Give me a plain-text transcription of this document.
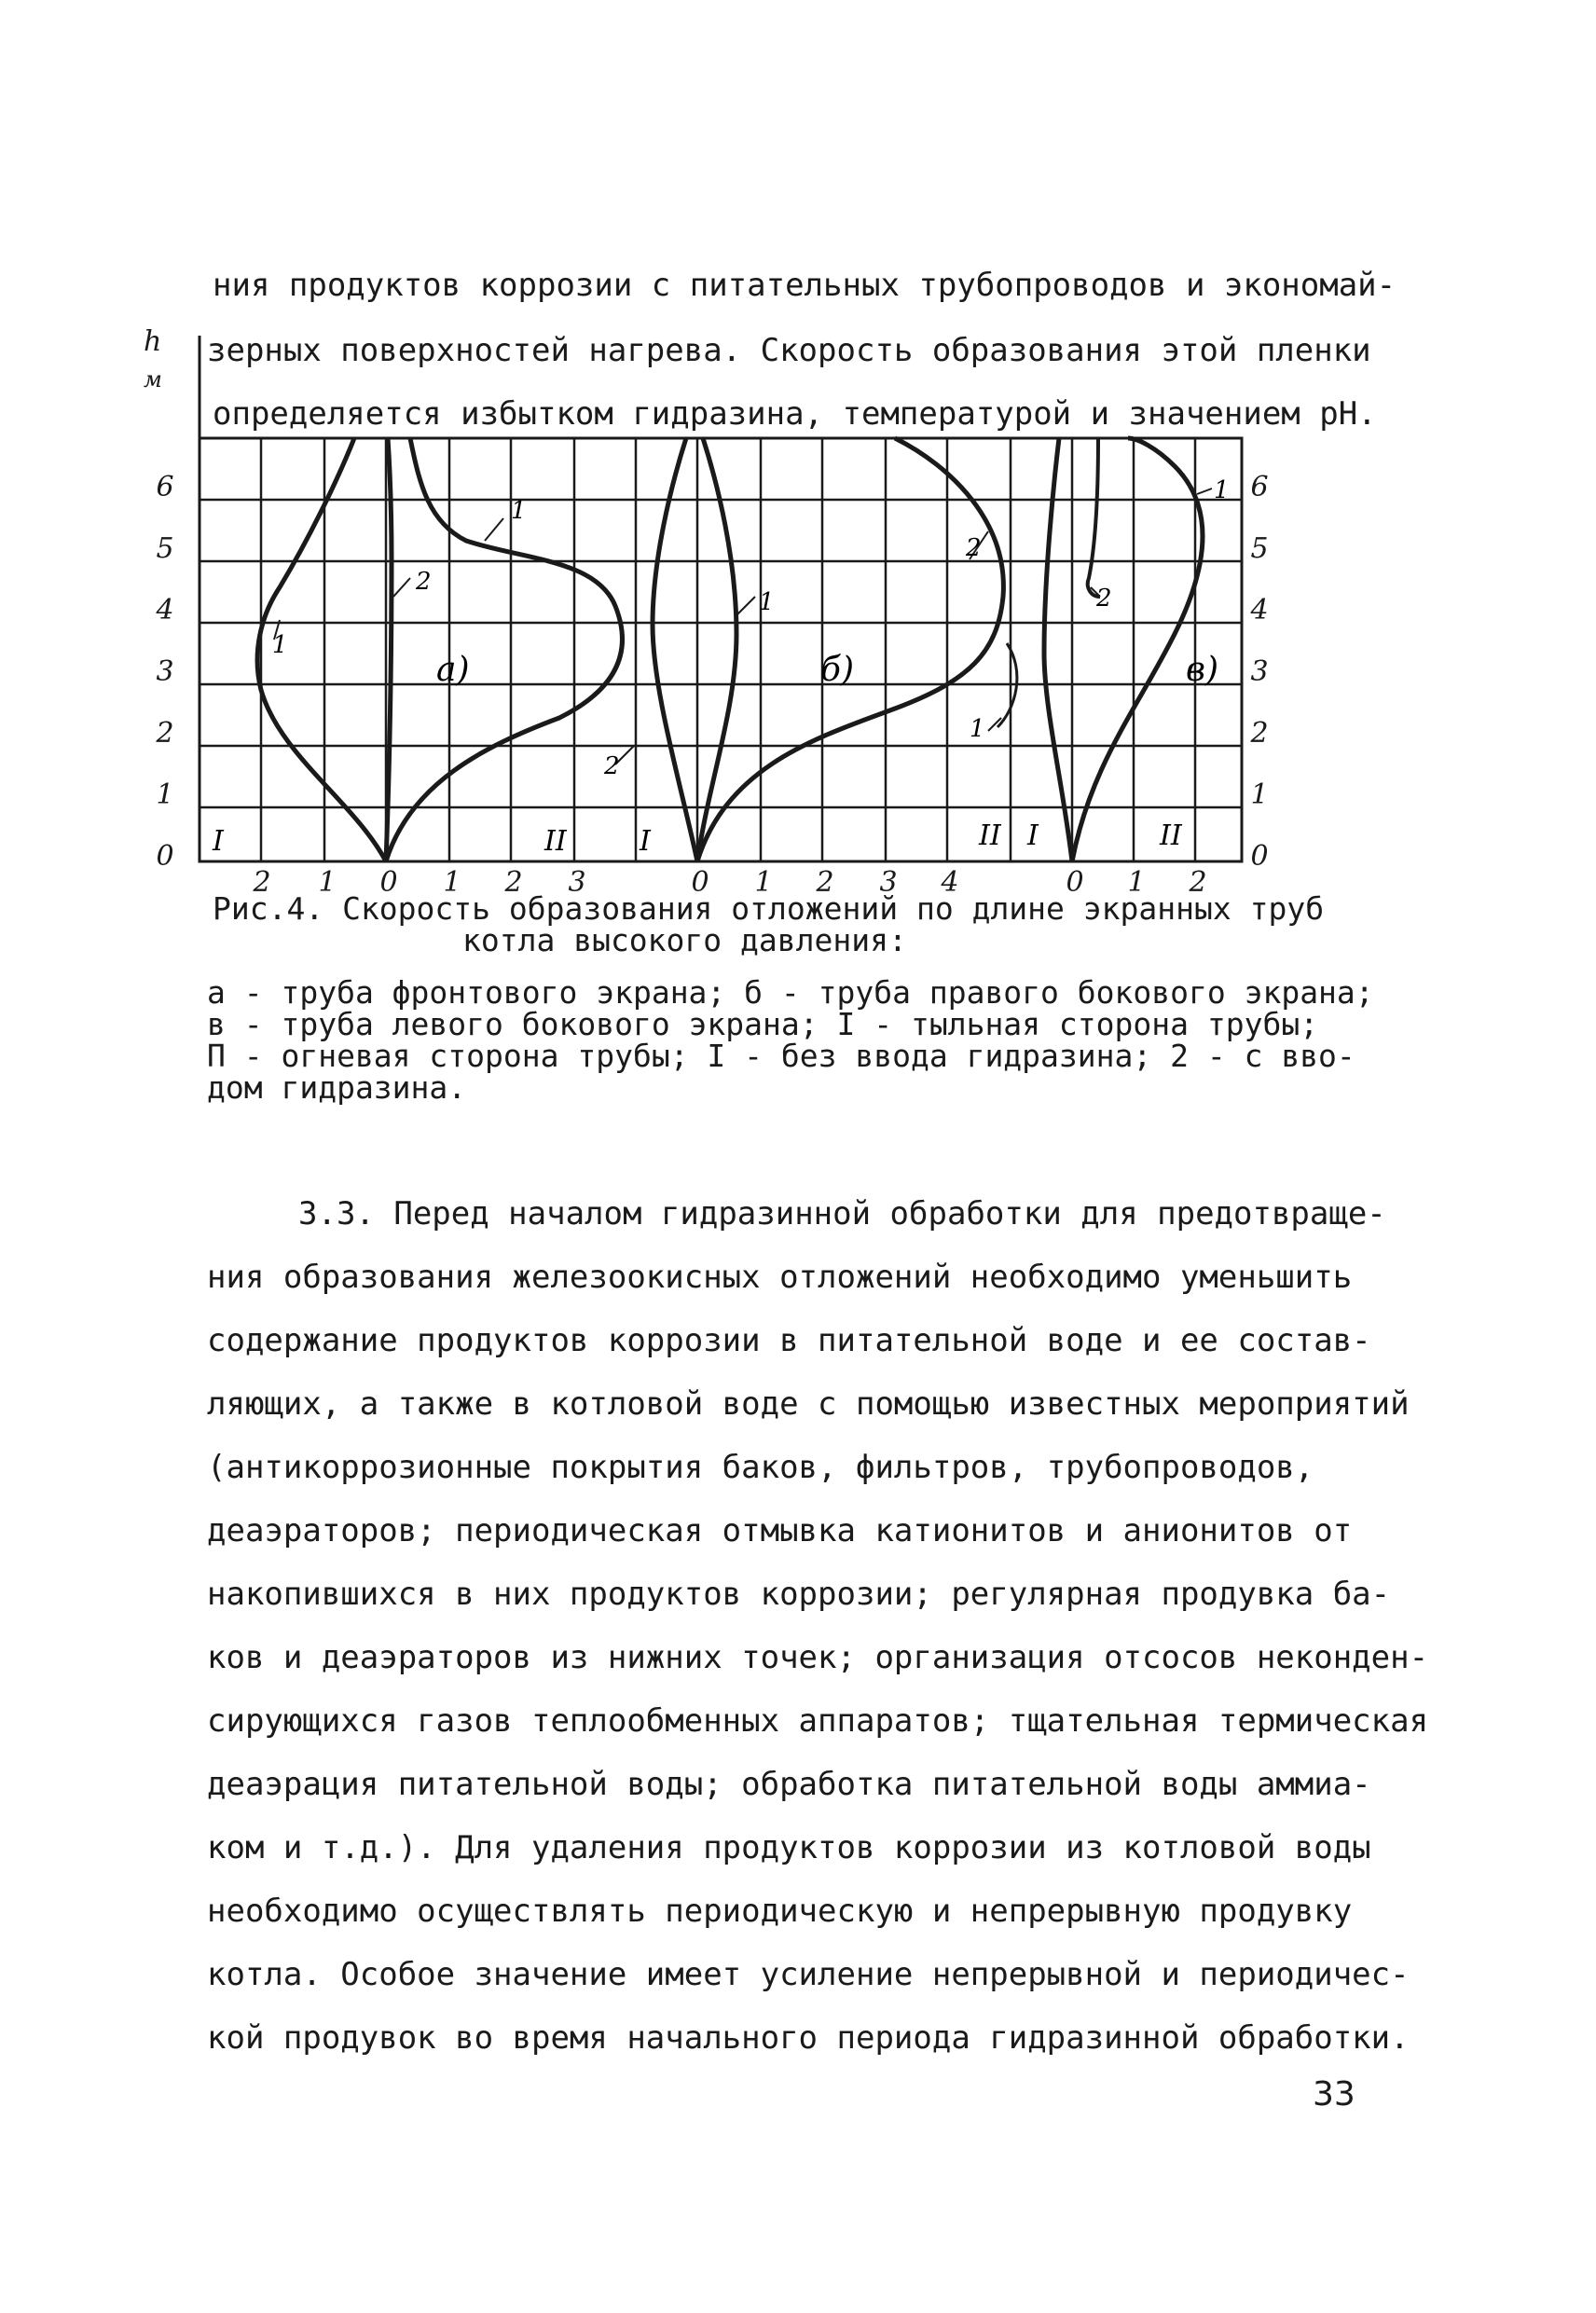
ния продуктов коррозии с питательных трубопроводов и экономай-
зерных поверхностей нагрева. Скорость образования этой пленки
определяется избытком гидразина, температурой и значением pH.
h
м
6
5
4
3
2
1
0
6
5
4
3
2
1
0
2 1 0 1 2 3	0 1 2 3 4	0 1 2
а)	б)	в)
I	II	I	II I	II
1
2
1
2
1
2
1
2
1
Рис.4. Скорость образования отложений по длине экранных труб
котла высокого давления:
а - труба фронтового экрана; б - труба правого бокового экрана;
в - труба левого бокового экрана; I - тыльная сторона трубы;
П - огневая сторона трубы; I - без ввода гидразина; 2 - с вво-
дом гидразина.
3.3. Перед началом гидразинной обработки для предотвраще-
ния образования железоокисных отложений необходимо уменьшить
содержание продуктов коррозии в питательной воде и ее состав-
ляющих, а также в котловой воде с помощью известных мероприятий
(антикоррозионные покрытия баков, фильтров, трубопроводов,
деаэраторов; периодическая отмывка катионитов и анионитов от
накопившихся в них продуктов коррозии; регулярная продувка ба-
ков и деаэраторов из нижних точек; организация отсосов неконден-
сирующихся газов теплообменных аппаратов; тщательная термическая
деаэрация питательной воды; обработка питательной воды аммиа-
ком и т.д.). Для удаления продуктов коррозии из котловой воды
необходимо осуществлять периодическую и непрерывную продувку
котла. Особое значение имеет усиление непрерывной и периодичес-
кой продувок во время начального периода гидразинной обработки.
33
